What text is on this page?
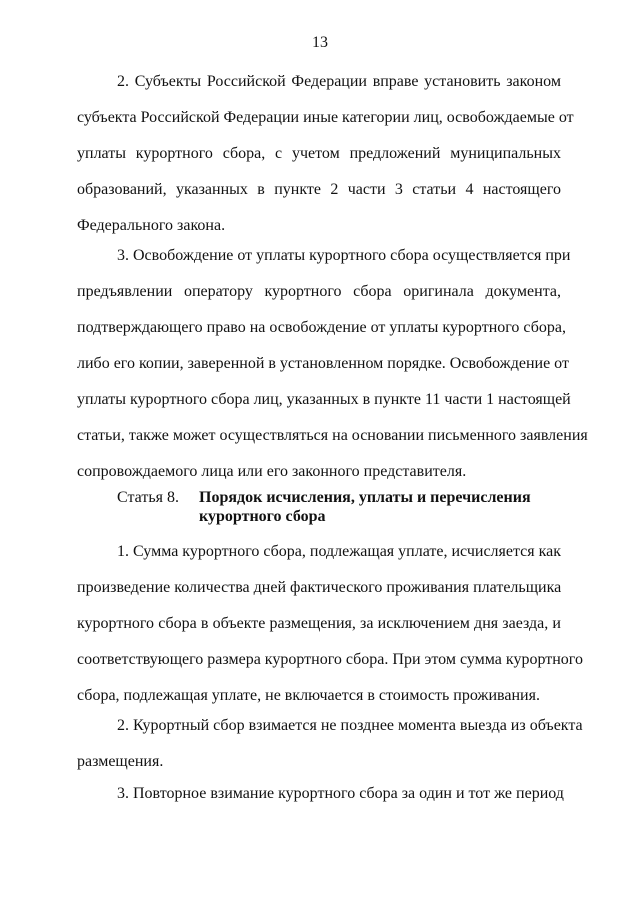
13

2. Субъекты Российской Федерации вправе установить законом
субъекта Российской Федерации иные категории лиц, освобождаемые от
уплаты курортного сбора, с учетом предложений муниципальных
образований, указанных в пункте 2 части 3 статьи 4 настоящего
Федерального закона.

3. Освобождение от уплаты курортного сбора осуществляется при
предъявлении оператору курортного сбора оригинала документа,
подтверждающего право на освобождение от уплаты курортного сбора,
либо его копии, заверенной в установленном порядке. Освобождение от
уплаты курортного сбора лиц, указанных в пункте 11 части 1 настоящей
статьи, также может осуществляться на основании письменного заявления
сопровождаемого лица или его законного представителя.

Статья 8. Порядок исчисления, уплаты и перечисления
курортного сбора

1. Сумма курортного сбора, подлежащая уплате, исчисляется как
произведение количества дней фактического проживания плательщика
курортного сбора в объекте размещения, за исключением дня заезда, и
соответствующего размера курортного сбора. При этом сумма курортного
сбора, подлежащая уплате, не включается в стоимость проживания.

2. Курортный сбор взимается не позднее момента выезда из объекта
размещения.

3. Повторное взимание курортного сбора за один и тот же период
